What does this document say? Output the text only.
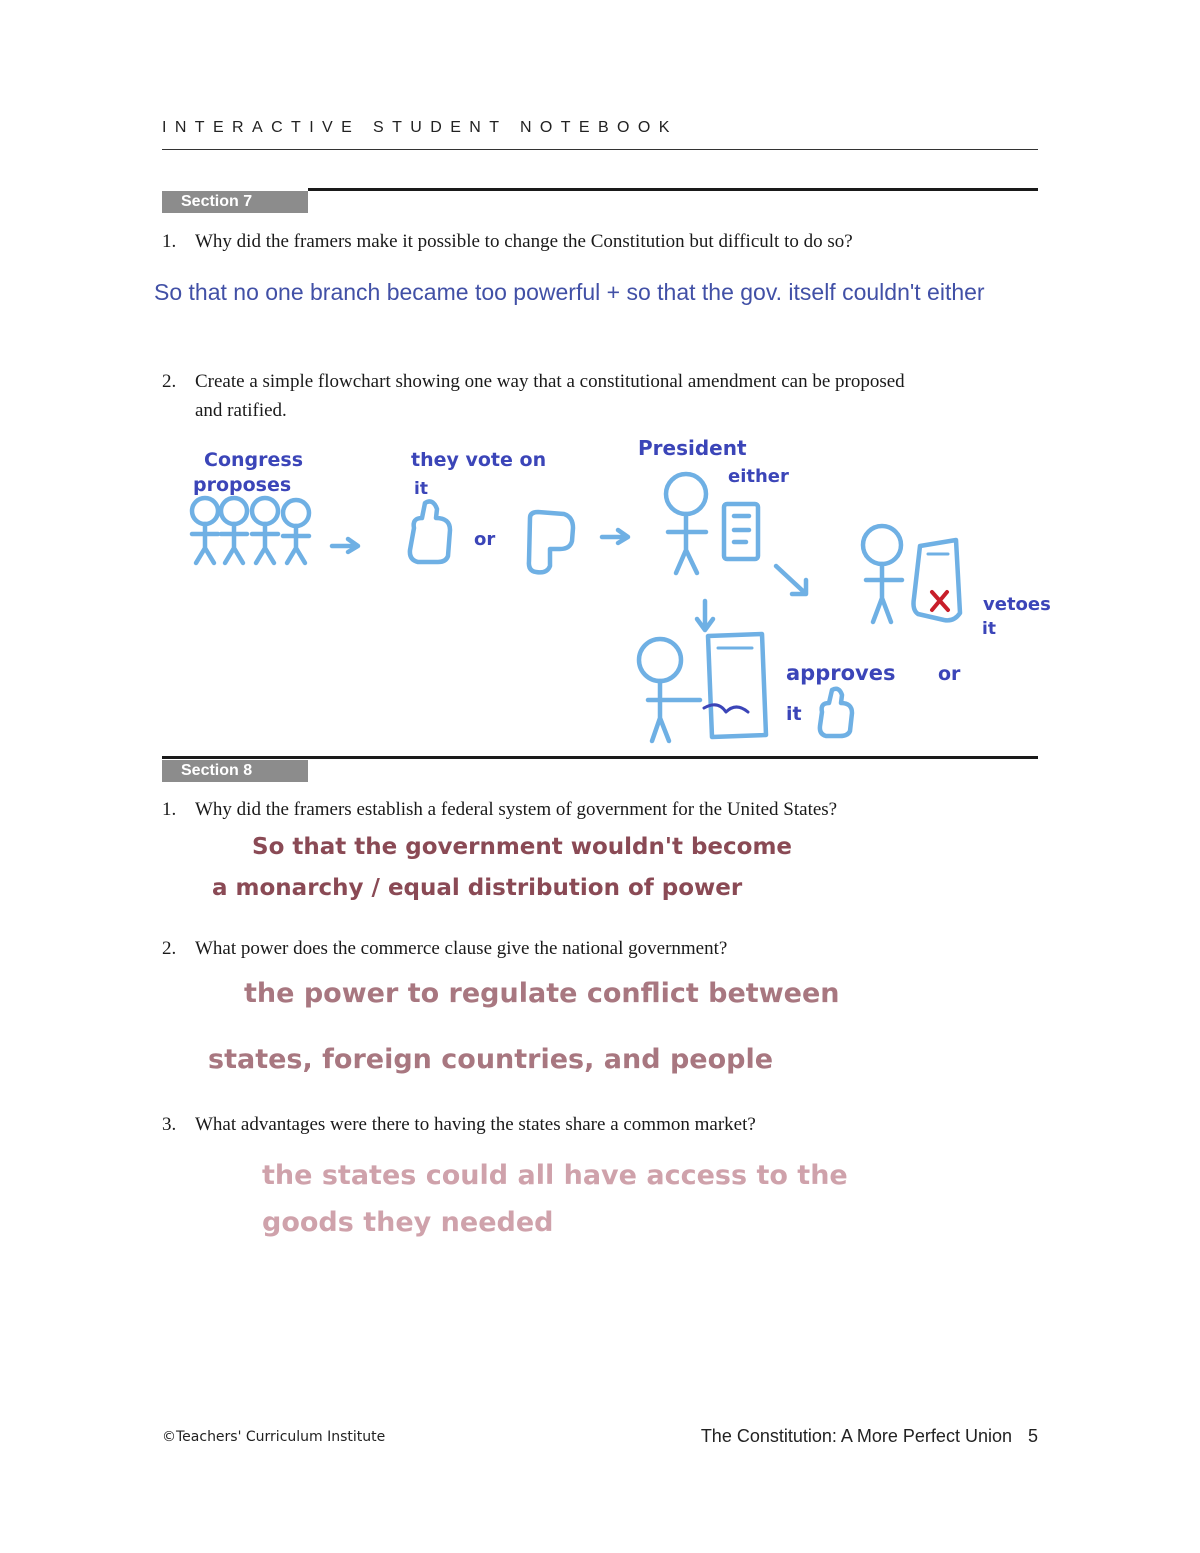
INTERACTIVE STUDENT NOTEBOOK
Section 7
1. Why did the framers make it possible to change the Constitution but difficult to do so?
So that no one branch became too powerful + so that the gov. itself couldn't either
2. Create a simple flowchart showing one way that a constitutional amendment can be proposed
and ratified.
Congress
proposes
they vote on
it
or
President
either
vetoes
it
approves
it
or
Section 8
1. Why did the framers establish a federal system of government for the United States?
So that the government wouldn't become
a monarchy / equal distribution of power
2. What power does the commerce clause give the national government?
the power to regulate conflict between
states, foreign countries, and people
3. What advantages were there to having the states share a common market?
the states could all have access to the
goods they needed
©Teachers' Curriculum Institute	The Constitution: A More Perfect Union 5
